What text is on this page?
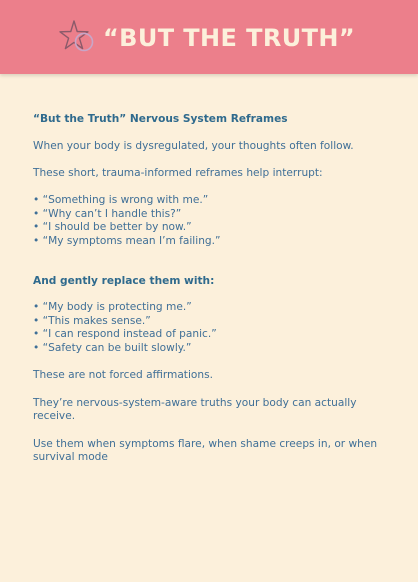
“BUT THE TRUTH”

“But the Truth” Nervous System Reframes

When your body is dysregulated, your thoughts often follow.

These short, trauma-informed reframes help interrupt:

• “Something is wrong with me.”
• “Why can’t I handle this?”
• “I should be better by now.”
• “My symptoms mean I’m failing.”

And gently replace them with:

• “My body is protecting me.”
• “This makes sense.”
• “I can respond instead of panic.”
• “Safety can be built slowly.”

These are not forced affirmations.

They’re nervous-system-aware truths your body can actually receive.

Use them when symptoms flare, when shame creeps in, or when survival mode
